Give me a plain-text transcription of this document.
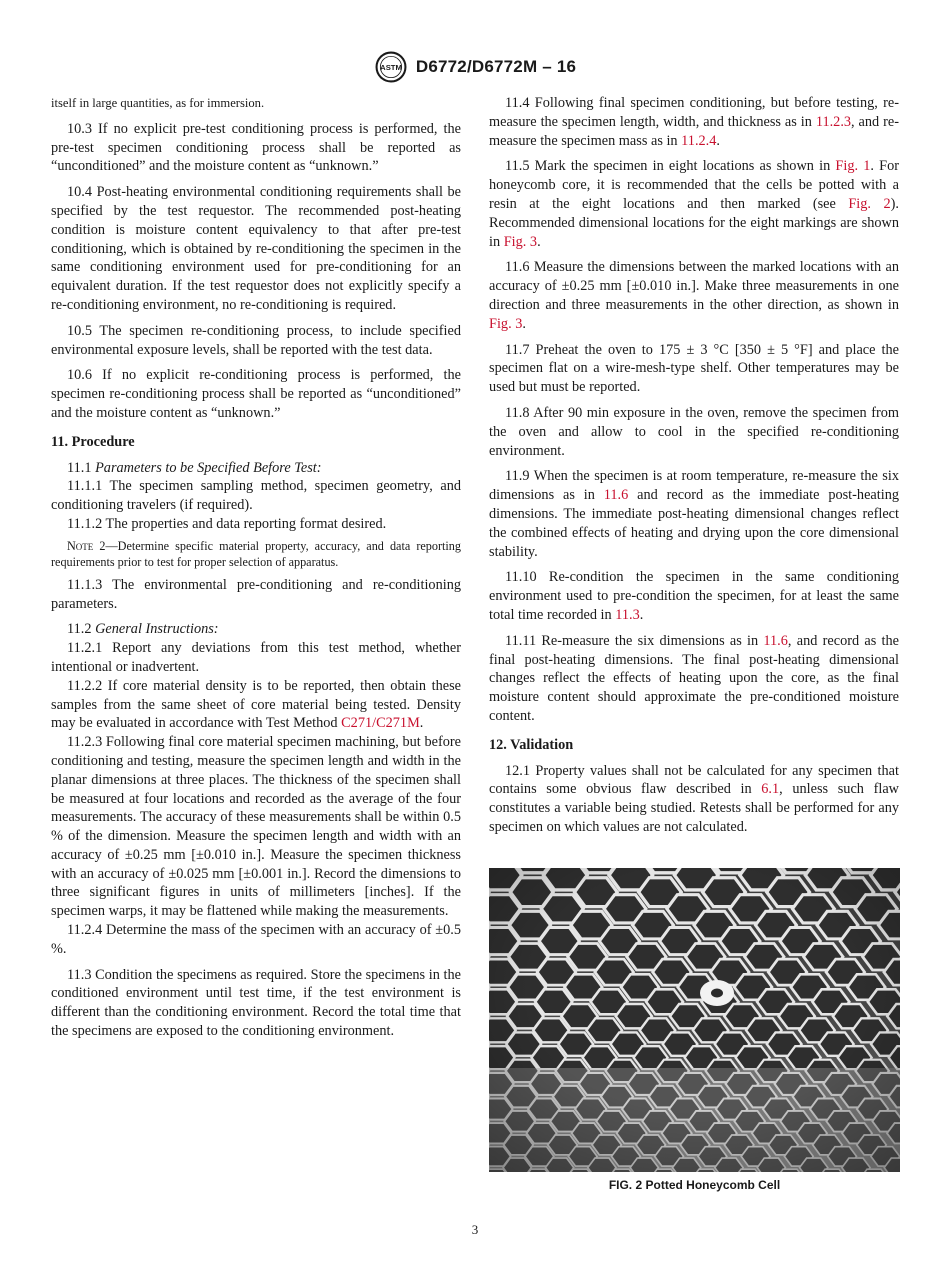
ASTM D6772/D6772M – 16

itself in large quantities, as for immersion.

10.3 If no explicit pre-test conditioning process is performed, the pre-test specimen conditioning process shall be reported as “unconditioned” and the moisture content as “unknown.”

10.4 Post-heating environmental conditioning requirements shall be specified by the test requestor. The recommended post-heating condition is moisture content equivalency to that after pre-test conditioning, which is obtained by re-conditioning the specimen in the same conditioning environment used for pre-conditioning for an equivalent duration. If the test requestor does not explicitly specify a re-conditioning environment, no re-conditioning is required.

10.5 The specimen re-conditioning process, to include specified environmental exposure levels, shall be reported with the test data.

10.6 If no explicit re-conditioning process is performed, the specimen re-conditioning process shall be reported as “unconditioned” and the moisture content as “unknown.”

11. Procedure

11.1 Parameters to be Specified Before Test:

11.1.1 The specimen sampling method, specimen geometry, and conditioning travelers (if required).

11.1.2 The properties and data reporting format desired.

Note 2—Determine specific material property, accuracy, and data reporting requirements prior to test for proper selection of apparatus.

11.1.3 The environmental pre-conditioning and re-conditioning parameters.

11.2 General Instructions:

11.2.1 Report any deviations from this test method, whether intentional or inadvertent.

11.2.2 If core material density is to be reported, then obtain these samples from the same sheet of core material being tested. Density may be evaluated in accordance with Test Method C271/C271M.

11.2.3 Following final core material specimen machining, but before conditioning and testing, measure the specimen length and width in the planar dimensions at three places. The thickness of the specimen shall be measured at four locations and recorded as the average of the four measurements. The accuracy of these measurements shall be within 0.5 % of the dimension. Measure the specimen length and width with an accuracy of ±0.25 mm [±0.010 in.]. Measure the specimen thickness with an accuracy of ±0.025 mm [±0.001 in.]. Record the dimensions to three significant figures in units of millimeters [inches]. If the specimen warps, it may be flattened while making the measurements.

11.2.4 Determine the mass of the specimen with an accuracy of ±0.5 %.

11.3 Condition the specimens as required. Store the specimens in the conditioned environment until test time, if the test environment is different than the conditioning environment. Record the total time that the specimens are exposed to the conditioning environment.

11.4 Following final specimen conditioning, but before testing, re-measure the specimen length, width, and thickness as in 11.2.3, and re-measure the specimen mass as in 11.2.4.

11.5 Mark the specimen in eight locations as shown in Fig. 1. For honeycomb core, it is recommended that the cells be potted with a resin at the eight locations and then marked (see Fig. 2). Recommended dimensional locations for the eight markings are shown in Fig. 3.

11.6 Measure the dimensions between the marked locations with an accuracy of ±0.25 mm [±0.010 in.]. Make three measurements in one direction and three measurements in the other direction, as shown in Fig. 3.

11.7 Preheat the oven to 175 ± 3 °C [350 ± 5 °F] and place the specimen flat on a wire-mesh-type shelf. Other temperatures may be used but must be reported.

11.8 After 90 min exposure in the oven, remove the specimen from the oven and allow to cool in the specified re-conditioning environment.

11.9 When the specimen is at room temperature, re-measure the six dimensions as in 11.6 and record as the immediate post-heating dimensions. The immediate post-heating dimensional changes reflect the combined effects of heating and drying upon the core dimensional stability.

11.10 Re-condition the specimen in the same conditioning environment used to pre-condition the specimen, for at least the same total time recorded in 11.3.

11.11 Re-measure the six dimensions as in 11.6, and record as the final post-heating dimensions. The final post-heating dimensional changes reflect the effects of heating upon the core, as the final moisture content should approximate the pre-conditioned moisture content.

12. Validation

12.1 Property values shall not be calculated for any specimen that contains some obvious flaw described in 6.1, unless such flaw constitutes a variable being studied. Retests shall be performed for any specimen on which values are not calculated.

FIG. 2 Potted Honeycomb Cell
3
